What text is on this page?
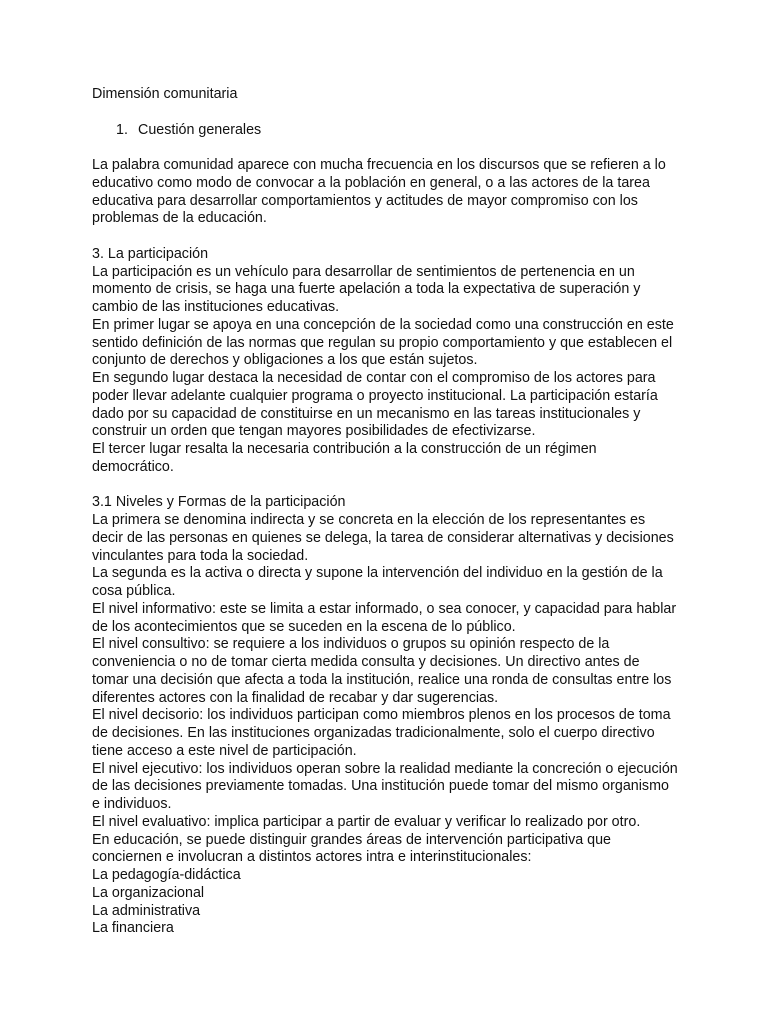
Dimensión comunitaria

1. Cuestión generales

La palabra comunidad aparece con mucha frecuencia en los discursos que se refieren a lo
educativo como modo de convocar a la población en general, o a las actores de la tarea
educativa para desarrollar comportamientos y actitudes de mayor compromiso con los
problemas de la educación.

3. La participación

La participación es un vehículo para desarrollar de sentimientos de pertenencia en un
momento de crisis, se haga una fuerte apelación a toda la expectativa de superación y
cambio de las instituciones educativas.

En primer lugar se apoya en una concepción de la sociedad como una construcción en este
sentido definición de las normas que regulan su propio comportamiento y que establecen el
conjunto de derechos y obligaciones a los que están sujetos.

En segundo lugar destaca la necesidad de contar con el compromiso de los actores para
poder llevar adelante cualquier programa o proyecto institucional. La participación estaría
dado por su capacidad de constituirse en un mecanismo en las tareas institucionales y
construir un orden que tengan mayores posibilidades de efectivizarse.

El tercer lugar resalta la necesaria contribución a la construcción de un régimen
democrático.

3.1 Niveles y Formas de la participación

La primera se denomina indirecta y se concreta en la elección de los representantes es
decir de las personas en quienes se delega, la tarea de considerar alternativas y decisiones
vinculantes para toda la sociedad.

La segunda es la activa o directa y supone la intervención del individuo en la gestión de la
cosa pública.

El nivel informativo: este se limita a estar informado, o sea conocer, y capacidad para hablar
de los acontecimientos que se suceden en la escena de lo público.

El nivel consultivo: se requiere a los individuos o grupos su opinión respecto de la
conveniencia o no de tomar cierta medida consulta y decisiones. Un directivo antes de
tomar una decisión que afecta a toda la institución, realice una ronda de consultas entre los
diferentes actores con la finalidad de recabar y dar sugerencias.

El nivel decisorio: los individuos participan como miembros plenos en los procesos de toma
de decisiones. En las instituciones organizadas tradicionalmente, solo el cuerpo directivo
tiene acceso a este nivel de participación.

El nivel ejecutivo: los individuos operan sobre la realidad mediante la concreción o ejecución
de las decisiones previamente tomadas. Una institución puede tomar del mismo organismo
e individuos.

El nivel evaluativo: implica participar a partir de evaluar y verificar lo realizado por otro.

En educación, se puede distinguir grandes áreas de intervención participativa que
conciernen e involucran a distintos actores intra e interinstitucionales:

La pedagogía-didáctica

La organizacional

La administrativa

La financiera
